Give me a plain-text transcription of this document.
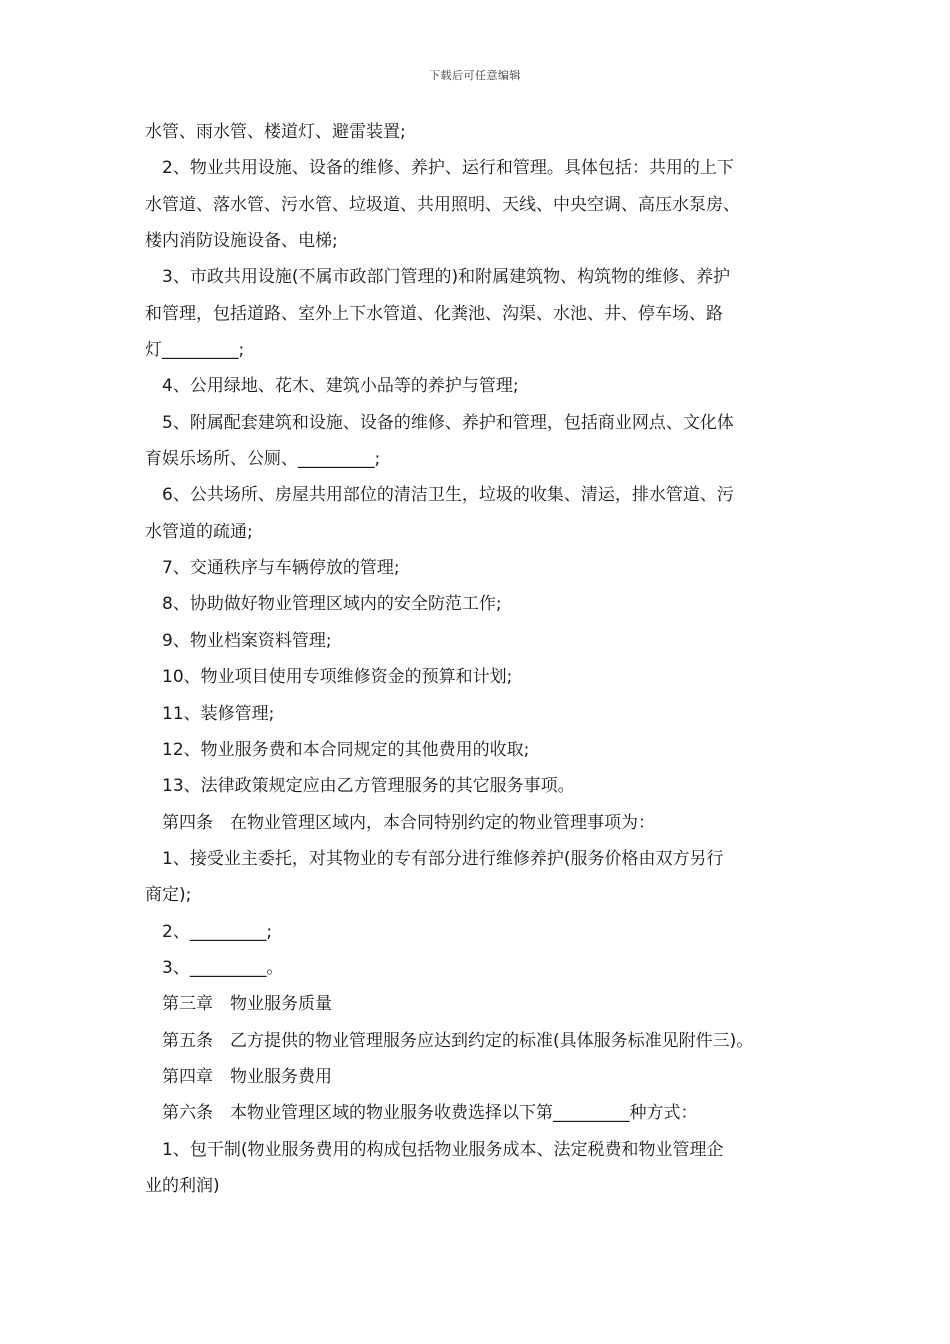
下载后可任意编辑
水管、雨水管、楼道灯、避雷装置;
2、物业共用设施、设备的维修、养护、运行和管理。具体包括：共用的上下
水管道、落水管、污水管、垃圾道、共用照明、天线、中央空调、高压水泵房、
楼内消防设施设备、电梯;
3、市政共用设施(不属市政部门管理的)和附属建筑物、构筑物的维修、养护
和管理，包括道路、室外上下水管道、化粪池、沟渠、水池、井、停车场、路
灯_________;
4、公用绿地、花木、建筑小品等的养护与管理;
5、附属配套建筑和设施、设备的维修、养护和管理，包括商业网点、文化体
育娱乐场所、公厕、_________;
6、公共场所、房屋共用部位的清洁卫生，垃圾的收集、清运，排水管道、污
水管道的疏通;
7、交通秩序与车辆停放的管理;
8、协助做好物业管理区域内的安全防范工作;
9、物业档案资料管理;
10、物业项目使用专项维修资金的预算和计划;
11、装修管理;
12、物业服务费和本合同规定的其他费用的收取;
13、法律政策规定应由乙方管理服务的其它服务事项。
第四条　在物业管理区域内，本合同特别约定的物业管理事项为：
1、接受业主委托，对其物业的专有部分进行维修养护(服务价格由双方另行
商定);
2、_________;
3、_________。
第三章　物业服务质量
第五条　乙方提供的物业管理服务应达到约定的标准(具体服务标准见附件三)。
第四章　物业服务费用
第六条　本物业管理区域的物业服务收费选择以下第_________种方式：
1、包干制(物业服务费用的构成包括物业服务成本、法定税费和物业管理企
业的利润)
